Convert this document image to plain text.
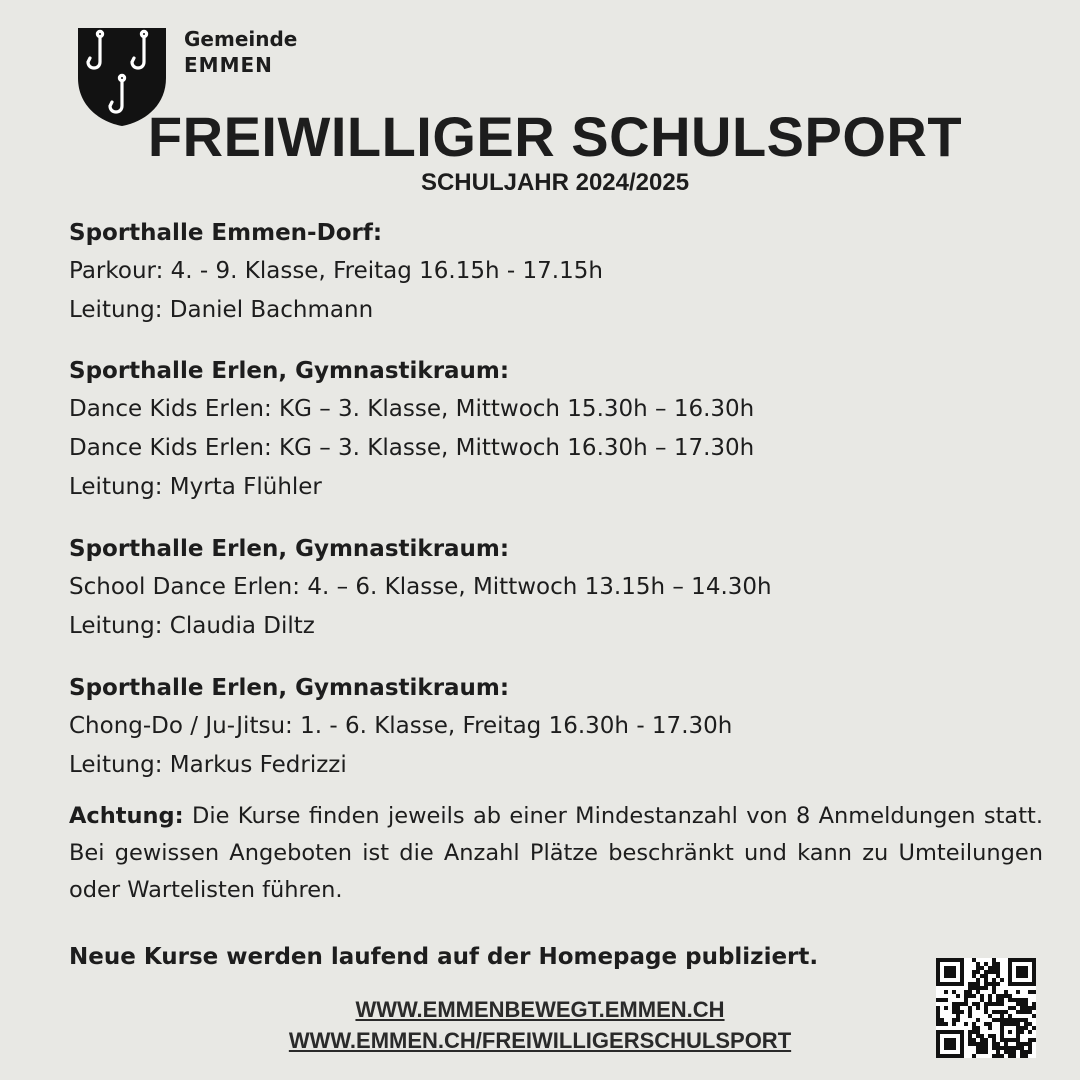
Gemeinde
EMMEN
FREIWILLIGER SCHULSPORT
SCHULJAHR 2024/2025
Sporthalle Emmen-Dorf:

Parkour: 4. - 9. Klasse, Freitag 16.15h - 17.15h

Leitung: Daniel Bachmann

Sporthalle Erlen, Gymnastikraum:

Dance Kids Erlen: KG – 3. Klasse, Mittwoch 15.30h – 16.30h

Dance Kids Erlen: KG – 3. Klasse, Mittwoch 16.30h – 17.30h

Leitung: Myrta Flühler

Sporthalle Erlen, Gymnastikraum:

School Dance Erlen: 4. – 6. Klasse, Mittwoch 13.15h – 14.30h

Leitung: Claudia Diltz

Sporthalle Erlen, Gymnastikraum:

Chong-Do / Ju-Jitsu: 1. - 6. Klasse, Freitag 16.30h - 17.30h

Leitung: Markus Fedrizzi

Achtung: Die Kurse finden jeweils ab einer Mindestanzahl von 8 Anmeldungen statt. Bei gewissen Angeboten ist die Anzahl Plätze beschränkt und kann zu Umteilungen oder Wartelisten führen.

Neue Kurse werden laufend auf der Homepage publiziert.

WWW.EMMENBEWEGT.EMMEN.CH
WWW.EMMEN.CH/FREIWILLIGERSCHULSPORT
